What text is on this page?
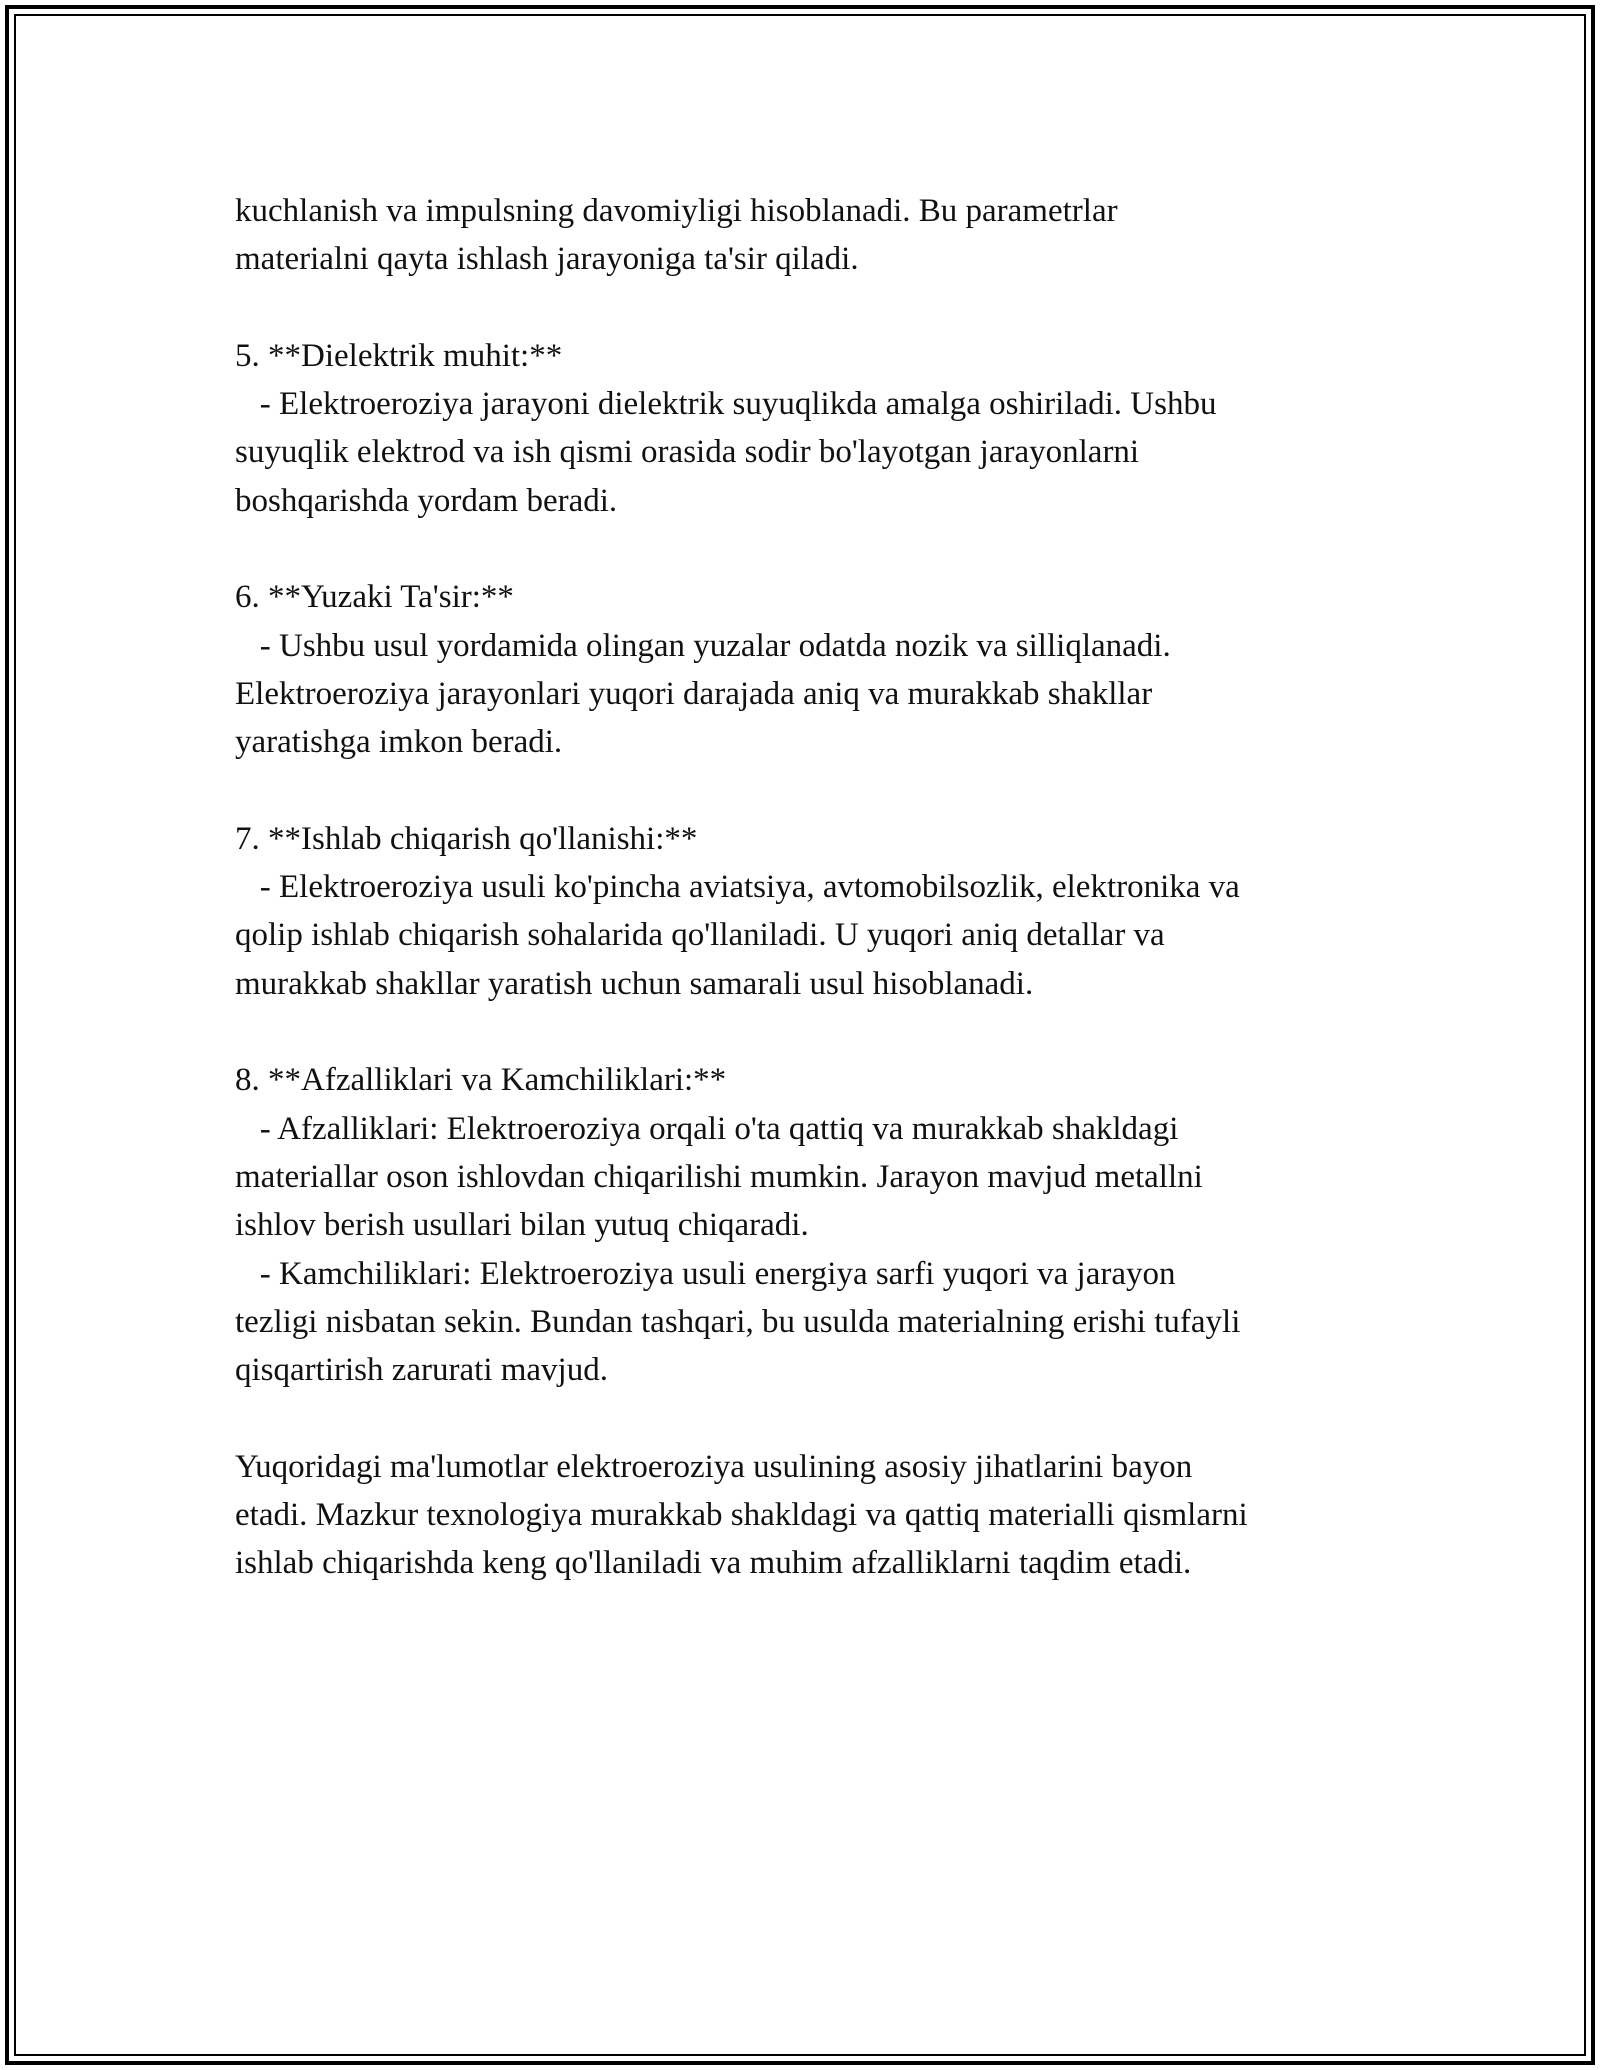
kuchlanish va impulsning davomiyligi hisoblanadi. Bu parametrlar
materialni qayta ishlash jarayoniga ta'sir qiladi.
5. **Dielektrik muhit:**
- Elektroeroziya jarayoni dielektrik suyuqlikda amalga oshiriladi. Ushbu
suyuqlik elektrod va ish qismi orasida sodir bo'layotgan jarayonlarni
boshqarishda yordam beradi.
6. **Yuzaki Ta'sir:**
- Ushbu usul yordamida olingan yuzalar odatda nozik va silliqlanadi.
Elektroeroziya jarayonlari yuqori darajada aniq va murakkab shakllar
yaratishga imkon beradi.
7. **Ishlab chiqarish qo'llanishi:**
- Elektroeroziya usuli ko'pincha aviatsiya, avtomobilsozlik, elektronika va
qolip ishlab chiqarish sohalarida qo'llaniladi. U yuqori aniq detallar va
murakkab shakllar yaratish uchun samarali usul hisoblanadi.
8. **Afzalliklari va Kamchiliklari:**
- Afzalliklari: Elektroeroziya orqali o'ta qattiq va murakkab shakldagi
materiallar oson ishlovdan chiqarilishi mumkin. Jarayon mavjud metallni
ishlov berish usullari bilan yutuq chiqaradi.
- Kamchiliklari: Elektroeroziya usuli energiya sarfi yuqori va jarayon
tezligi nisbatan sekin. Bundan tashqari, bu usulda materialning erishi tufayli
qisqartirish zarurati mavjud.
Yuqoridagi ma'lumotlar elektroeroziya usulining asosiy jihatlarini bayon
etadi. Mazkur texnologiya murakkab shakldagi va qattiq materialli qismlarni
ishlab chiqarishda keng qo'llaniladi va muhim afzalliklarni taqdim etadi.
